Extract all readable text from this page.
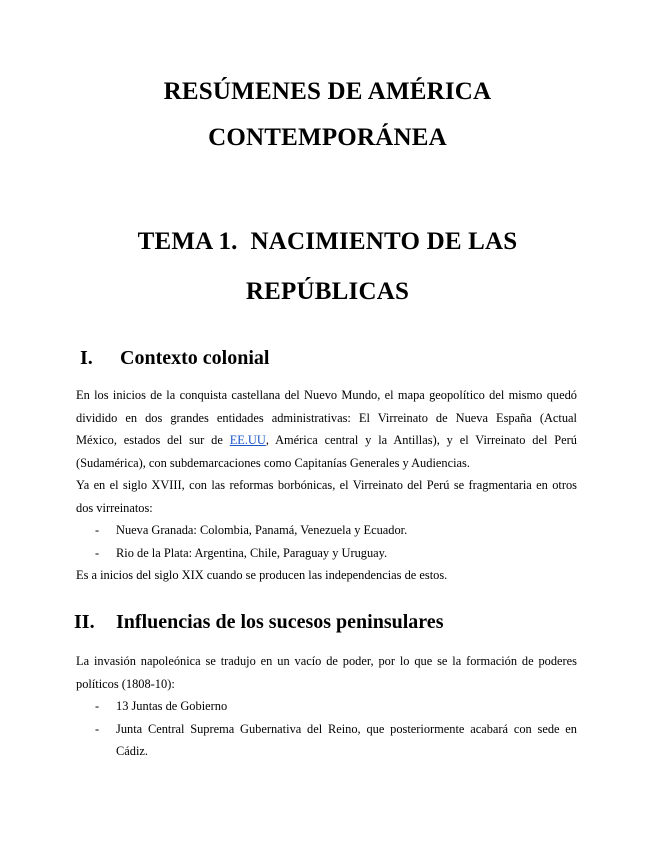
RESÚMENES DE AMÉRICA
CONTEMPORÁNEA
TEMA 1.  NACIMIENTO DE LAS
REPÚBLICAS
I. Contexto colonial
En los inicios de la conquista castellana del Nuevo Mundo, el mapa geopolítico del mismo quedó
dividido en dos grandes entidades administrativas: El Virreinato de Nueva España (Actual
México, estados del sur de EE.UU, América central y la Antillas), y el Virreinato del Perú
(Sudamérica), con subdemarcaciones como Capitanías Generales y Audiencias.
Ya en el siglo XVIII, con las reformas borbónicas, el Virreinato del Perú se fragmentaria en otros
dos virreinatos:
- Nueva Granada: Colombia, Panamá, Venezuela y Ecuador.
- Rio de la Plata: Argentina, Chile, Paraguay y Uruguay.
Es a inicios del siglo XIX cuando se producen las independencias de estos.
II. Influencias de los sucesos peninsulares
La invasión napoleónica se tradujo en un vacío de poder, por lo que se la formación de poderes
políticos (1808-10):
- 13 Juntas de Gobierno
- Junta Central Suprema Gubernativa del Reino, que posteriormente acabará con sede en
Cádiz.
